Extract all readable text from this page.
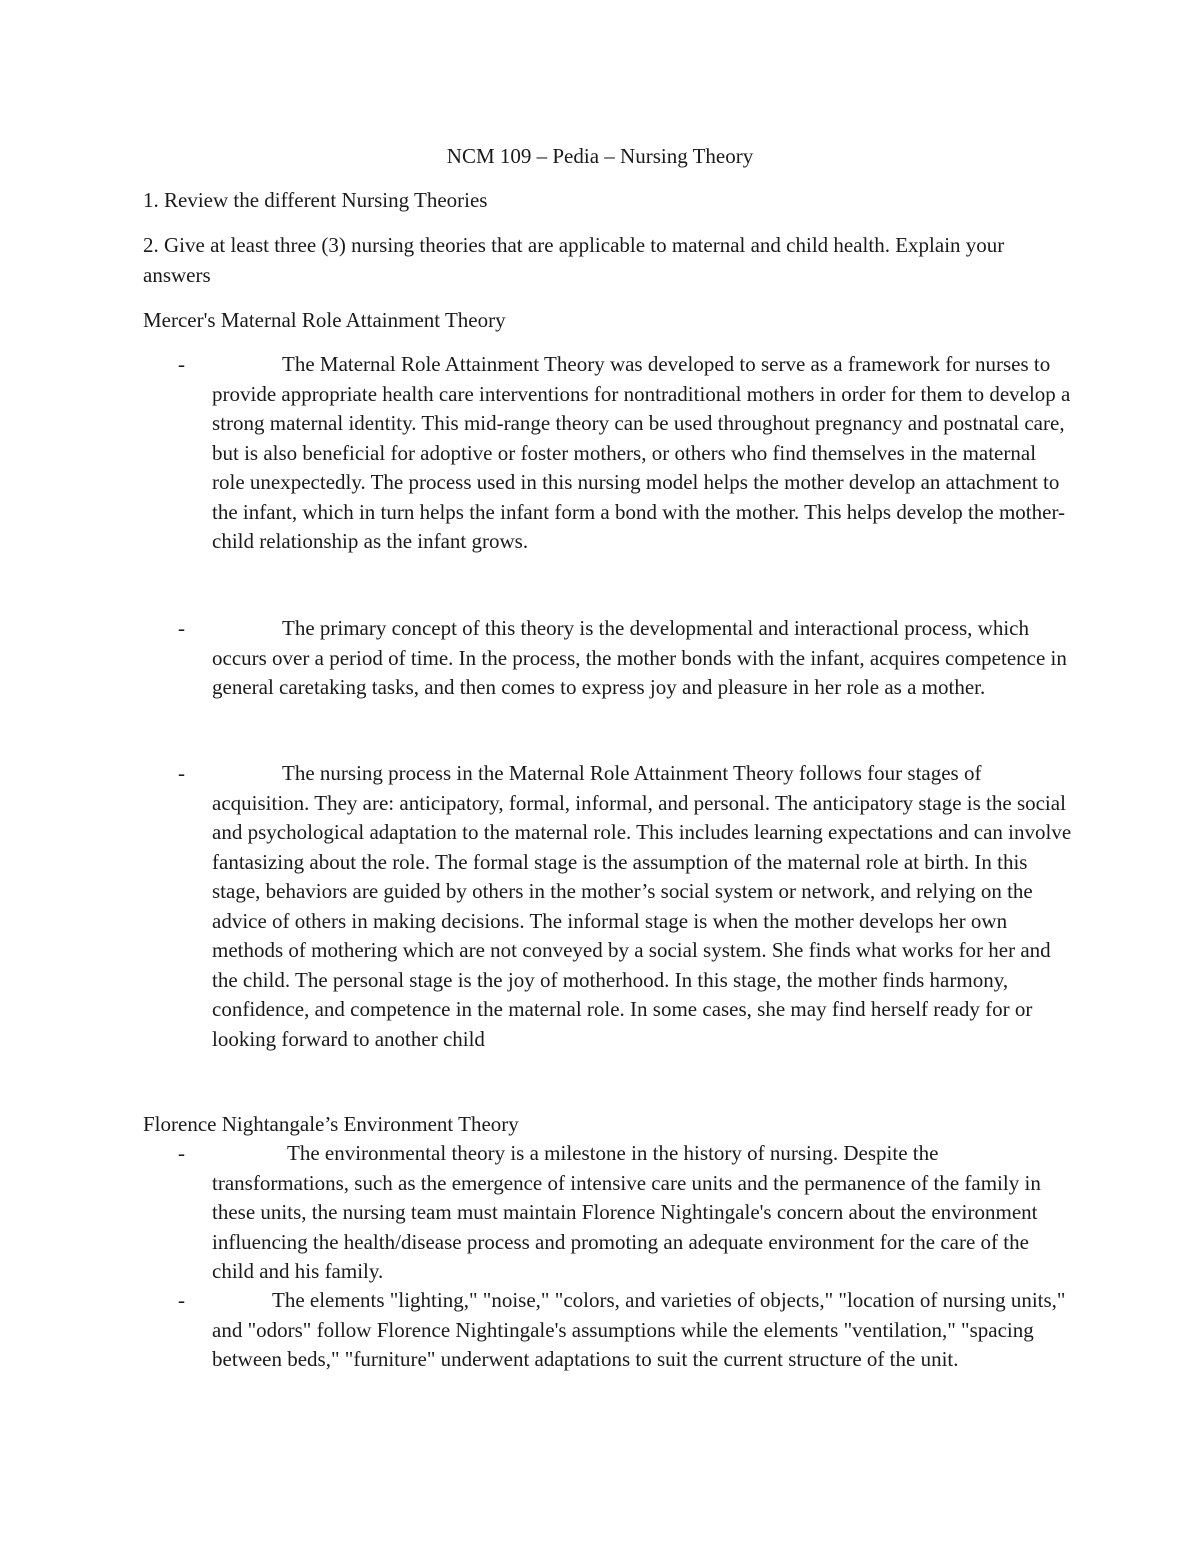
NCM 109 – Pedia – Nursing Theory

1. Review the different Nursing Theories

2. Give at least three (3) nursing theories that are applicable to maternal and child health. Explain your answers

Mercer's Maternal Role Attainment Theory

-	The Maternal Role Attainment Theory was developed to serve as a framework for nurses to provide appropriate health care interventions for nontraditional mothers in order for them to develop a strong maternal identity. This mid-range theory can be used throughout pregnancy and postnatal care, but is also beneficial for adoptive or foster mothers, or others who find themselves in the maternal role unexpectedly. The process used in this nursing model helps the mother develop an attachment to the infant, which in turn helps the infant form a bond with the mother. This helps develop the mother-child relationship as the infant grows.

-	The primary concept of this theory is the developmental and interactional process, which occurs over a period of time. In the process, the mother bonds with the infant, acquires competence in general caretaking tasks, and then comes to express joy and pleasure in her role as a mother.

-	The nursing process in the Maternal Role Attainment Theory follows four stages of acquisition. They are: anticipatory, formal, informal, and personal. The anticipatory stage is the social and psychological adaptation to the maternal role. This includes learning expectations and can involve fantasizing about the role. The formal stage is the assumption of the maternal role at birth. In this stage, behaviors are guided by others in the mother’s social system or network, and relying on the advice of others in making decisions. The informal stage is when the mother develops her own methods of mothering which are not conveyed by a social system. She finds what works for her and the child. The personal stage is the joy of motherhood. In this stage, the mother finds harmony, confidence, and competence in the maternal role. In some cases, she may find herself ready for or looking forward to another child

Florence Nightangale’s Environment Theory

-	The environmental theory is a milestone in the history of nursing. Despite the transformations, such as the emergence of intensive care units and the permanence of the family in these units, the nursing team must maintain Florence Nightingale's concern about the environment influencing the health/disease process and promoting an adequate environment for the care of the child and his family.

-	The elements "lighting," "noise," "colors, and varieties of objects," "location of nursing units," and "odors" follow Florence Nightingale's assumptions while the elements "ventilation," "spacing between beds," "furniture" underwent adaptations to suit the current structure of the unit.
